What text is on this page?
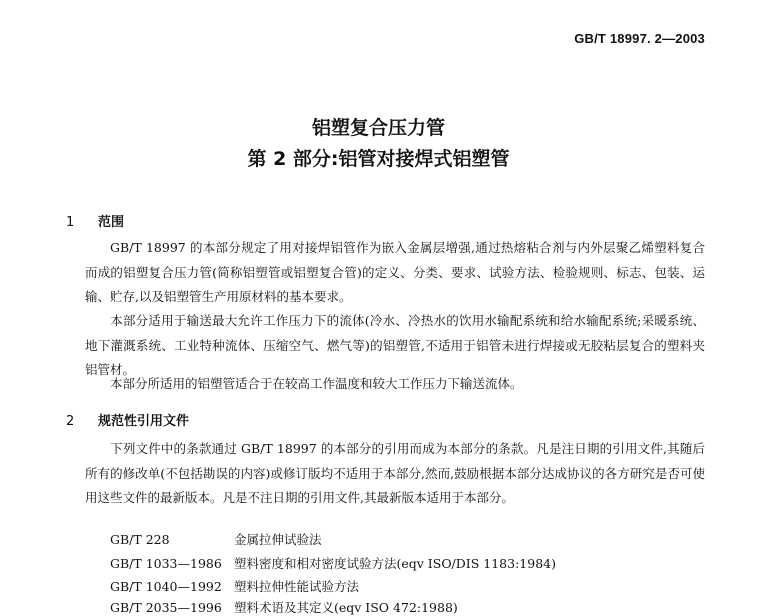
GB/T 18997. 2—2003
铝塑复合压力管
第 2 部分:铝管对接焊式铝塑管
1 范围
GB/T 18997 的本部分规定了用对接焊铝管作为嵌入金属层增强,通过热熔粘合剂与内外层聚乙烯塑料复合而成的铝塑复合压力管(简称铝塑管或铝塑复合管)的定义、分类、要求、试验方法、检验规则、标志、包装、运输、贮存,以及铝塑管生产用原材料的基本要求。
本部分适用于输送最大允许工作压力下的流体(冷水、冷热水的饮用水输配系统和给水输配系统;采暖系统、地下灌溉系统、工业特种流体、压缩空气、燃气等)的铝塑管,不适用于铝管未进行焊接或无胶粘层复合的塑料夹铝管材。
本部分所适用的铝塑管适合于在较高工作温度和较大工作压力下输送流体。
2 规范性引用文件
下列文件中的条款通过 GB/T 18997 的本部分的引用而成为本部分的条款。凡是注日期的引用文件,其随后所有的修改单(不包括勘误的内容)或修订版均不适用于本部分,然而,鼓励根据本部分达成协议的各方研究是否可使用这些文件的最新版本。凡是不注日期的引用文件,其最新版本适用于本部分。
GB/T 228	金属拉伸试验法
GB/T 1033—1986 塑料密度和相对密度试验方法(eqv ISO/DIS 1183:1984)
GB/T 1040—1992 塑料拉伸性能试验方法
GB/T 2035—1996 塑料术语及其定义(eqv ISO 472:1988)
